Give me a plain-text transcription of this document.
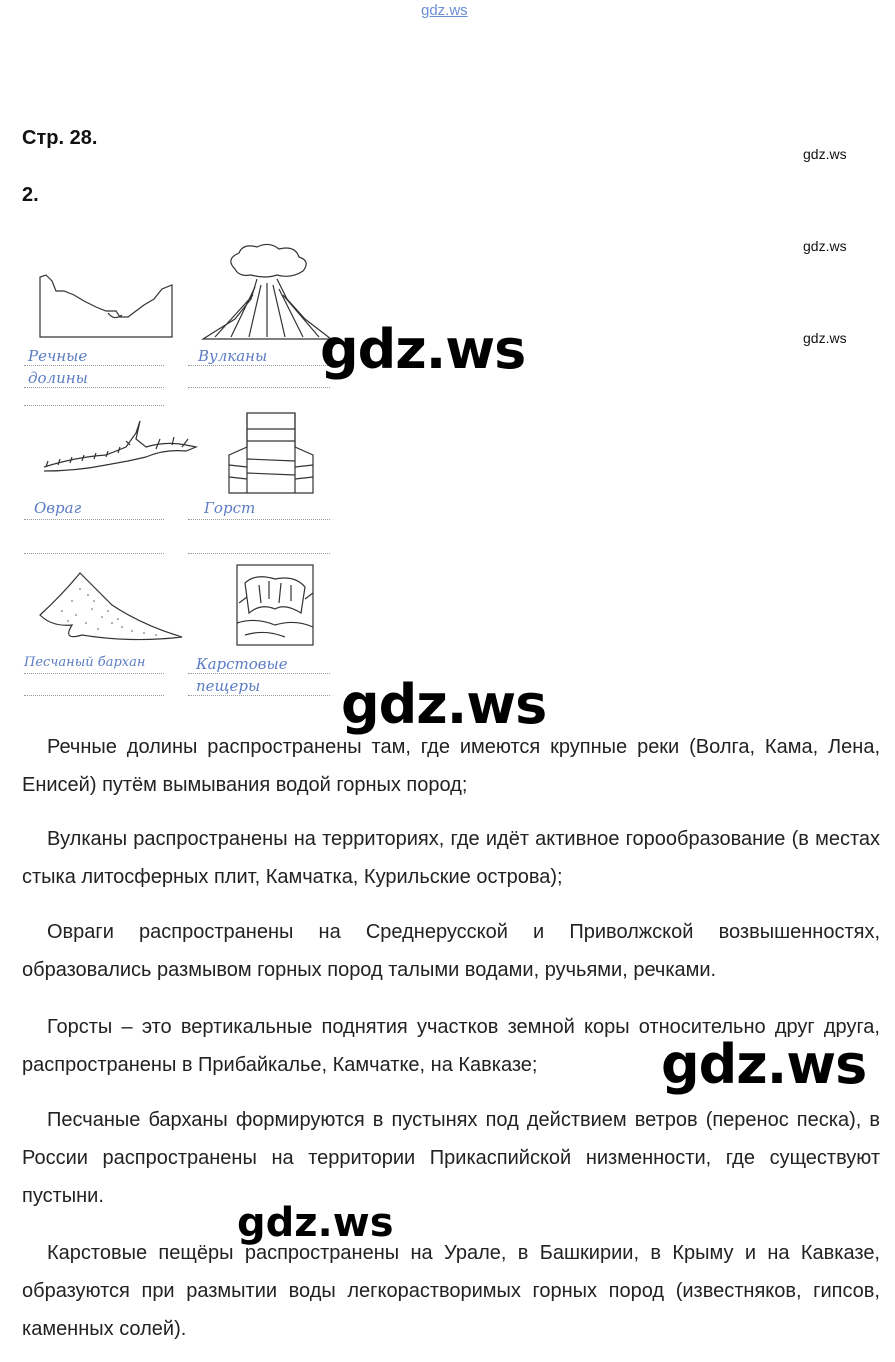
gdz.ws
Стр. 28.
2.
gdz.ws
gdz.ws
gdz.ws
Речные
долины
Вулканы
Овраг	Горст
Песчаный бархан	Карстовые
пещеры
gdz.ws
gdz.ws
gdz.ws
gdz.ws

Речные долины распространены там, где имеются крупные реки (Волга, Кама, Лена, Енисей) путём вымывания водой горных пород;

Вулканы распространены на территориях, где идёт активное горообразование (в местах стыка литосферных плит, Камчатка, Курильские острова);

Овраги распространены на Среднерусской и Приволжской возвышенностях, образовались размывом горных пород талыми водами, ручьями, речками.

Горсты – это вертикальные поднятия участков земной коры относительно друг друга, распространены в Прибайкалье, Камчатке, на Кавказе;

Песчаные барханы формируются в пустынях под действием ветров (перенос песка), в России распространены на территории Прикаспийской низменности, где существуют пустыни.

Карстовые пещёры распространены на Урале, в Башкирии, в Крыму и на Кавказе, образуются при размытии воды легкорастворимых горных пород (известняков, гипсов, каменных солей).
